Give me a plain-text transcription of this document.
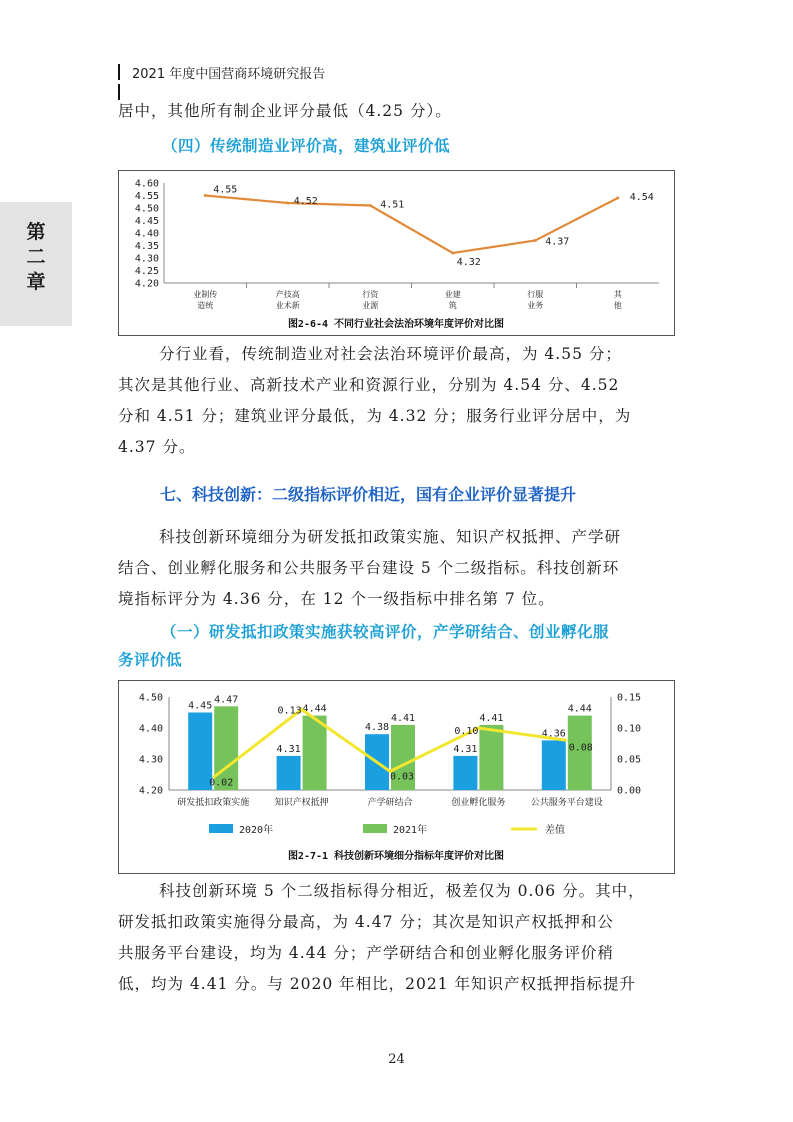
2021 年度中国营商环境研究报告
第
二
章

居中，其他所有制企业评分最低（4.25 分）。

（四）传统制造业评价高，建筑业评价低

4.60
4.55
4.50
4.45
4.40
4.35
4.30
4.25
4.20
业制传
造统
产技高
业术新
行资
业源
业建
筑
行服
业务
其
他
4.55
4.52	4.51
4.32
4.37
4.54
图2-6-4 不同行业社会法治环境年度评价对比图

分行业看，传统制造业对社会法治环境评价最高，为 4.55 分；

其次是其他行业、高新技术产业和资源行业，分别为 4.54 分、4.52

分和 4.51 分；建筑业评分最低，为 4.32 分；服务行业评分居中，为

4.37 分。

七、科技创新：二级指标评价相近，国有企业评价显著提升

科技创新环境细分为研发抵扣政策实施、知识产权抵押、产学研

结合、创业孵化服务和公共服务平台建设 5 个二级指标。科技创新环

境指标评分为 4.36 分，在 12 个一级指标中排名第 7 位。

（一）研发抵扣政策实施获较高评价，产学研结合、创业孵化服

务评价低

4.50
4.40
4.30
4.20
0.15
0.10
0.05
0.00
4.45
4.47
研发抵扣政策实施
4.31
4.44
知识产权抵押
4.38
4.41
产学研结合
4.31
4.41
创业孵化服务
4.36
4.44
公共服务平台建设
0.02
0.13
0.03
0.10
0.08
2020年	2021年	差值
图2-7-1 科技创新环境细分指标年度评价对比图

科技创新环境 5 个二级指标得分相近，极差仅为 0.06 分。其中，

研发抵扣政策实施得分最高，为 4.47 分；其次是知识产权抵押和公

共服务平台建设，均为 4.44 分；产学研结合和创业孵化服务评价稍

低，均为 4.41 分。与 2020 年相比，2021 年知识产权抵押指标提升

24
